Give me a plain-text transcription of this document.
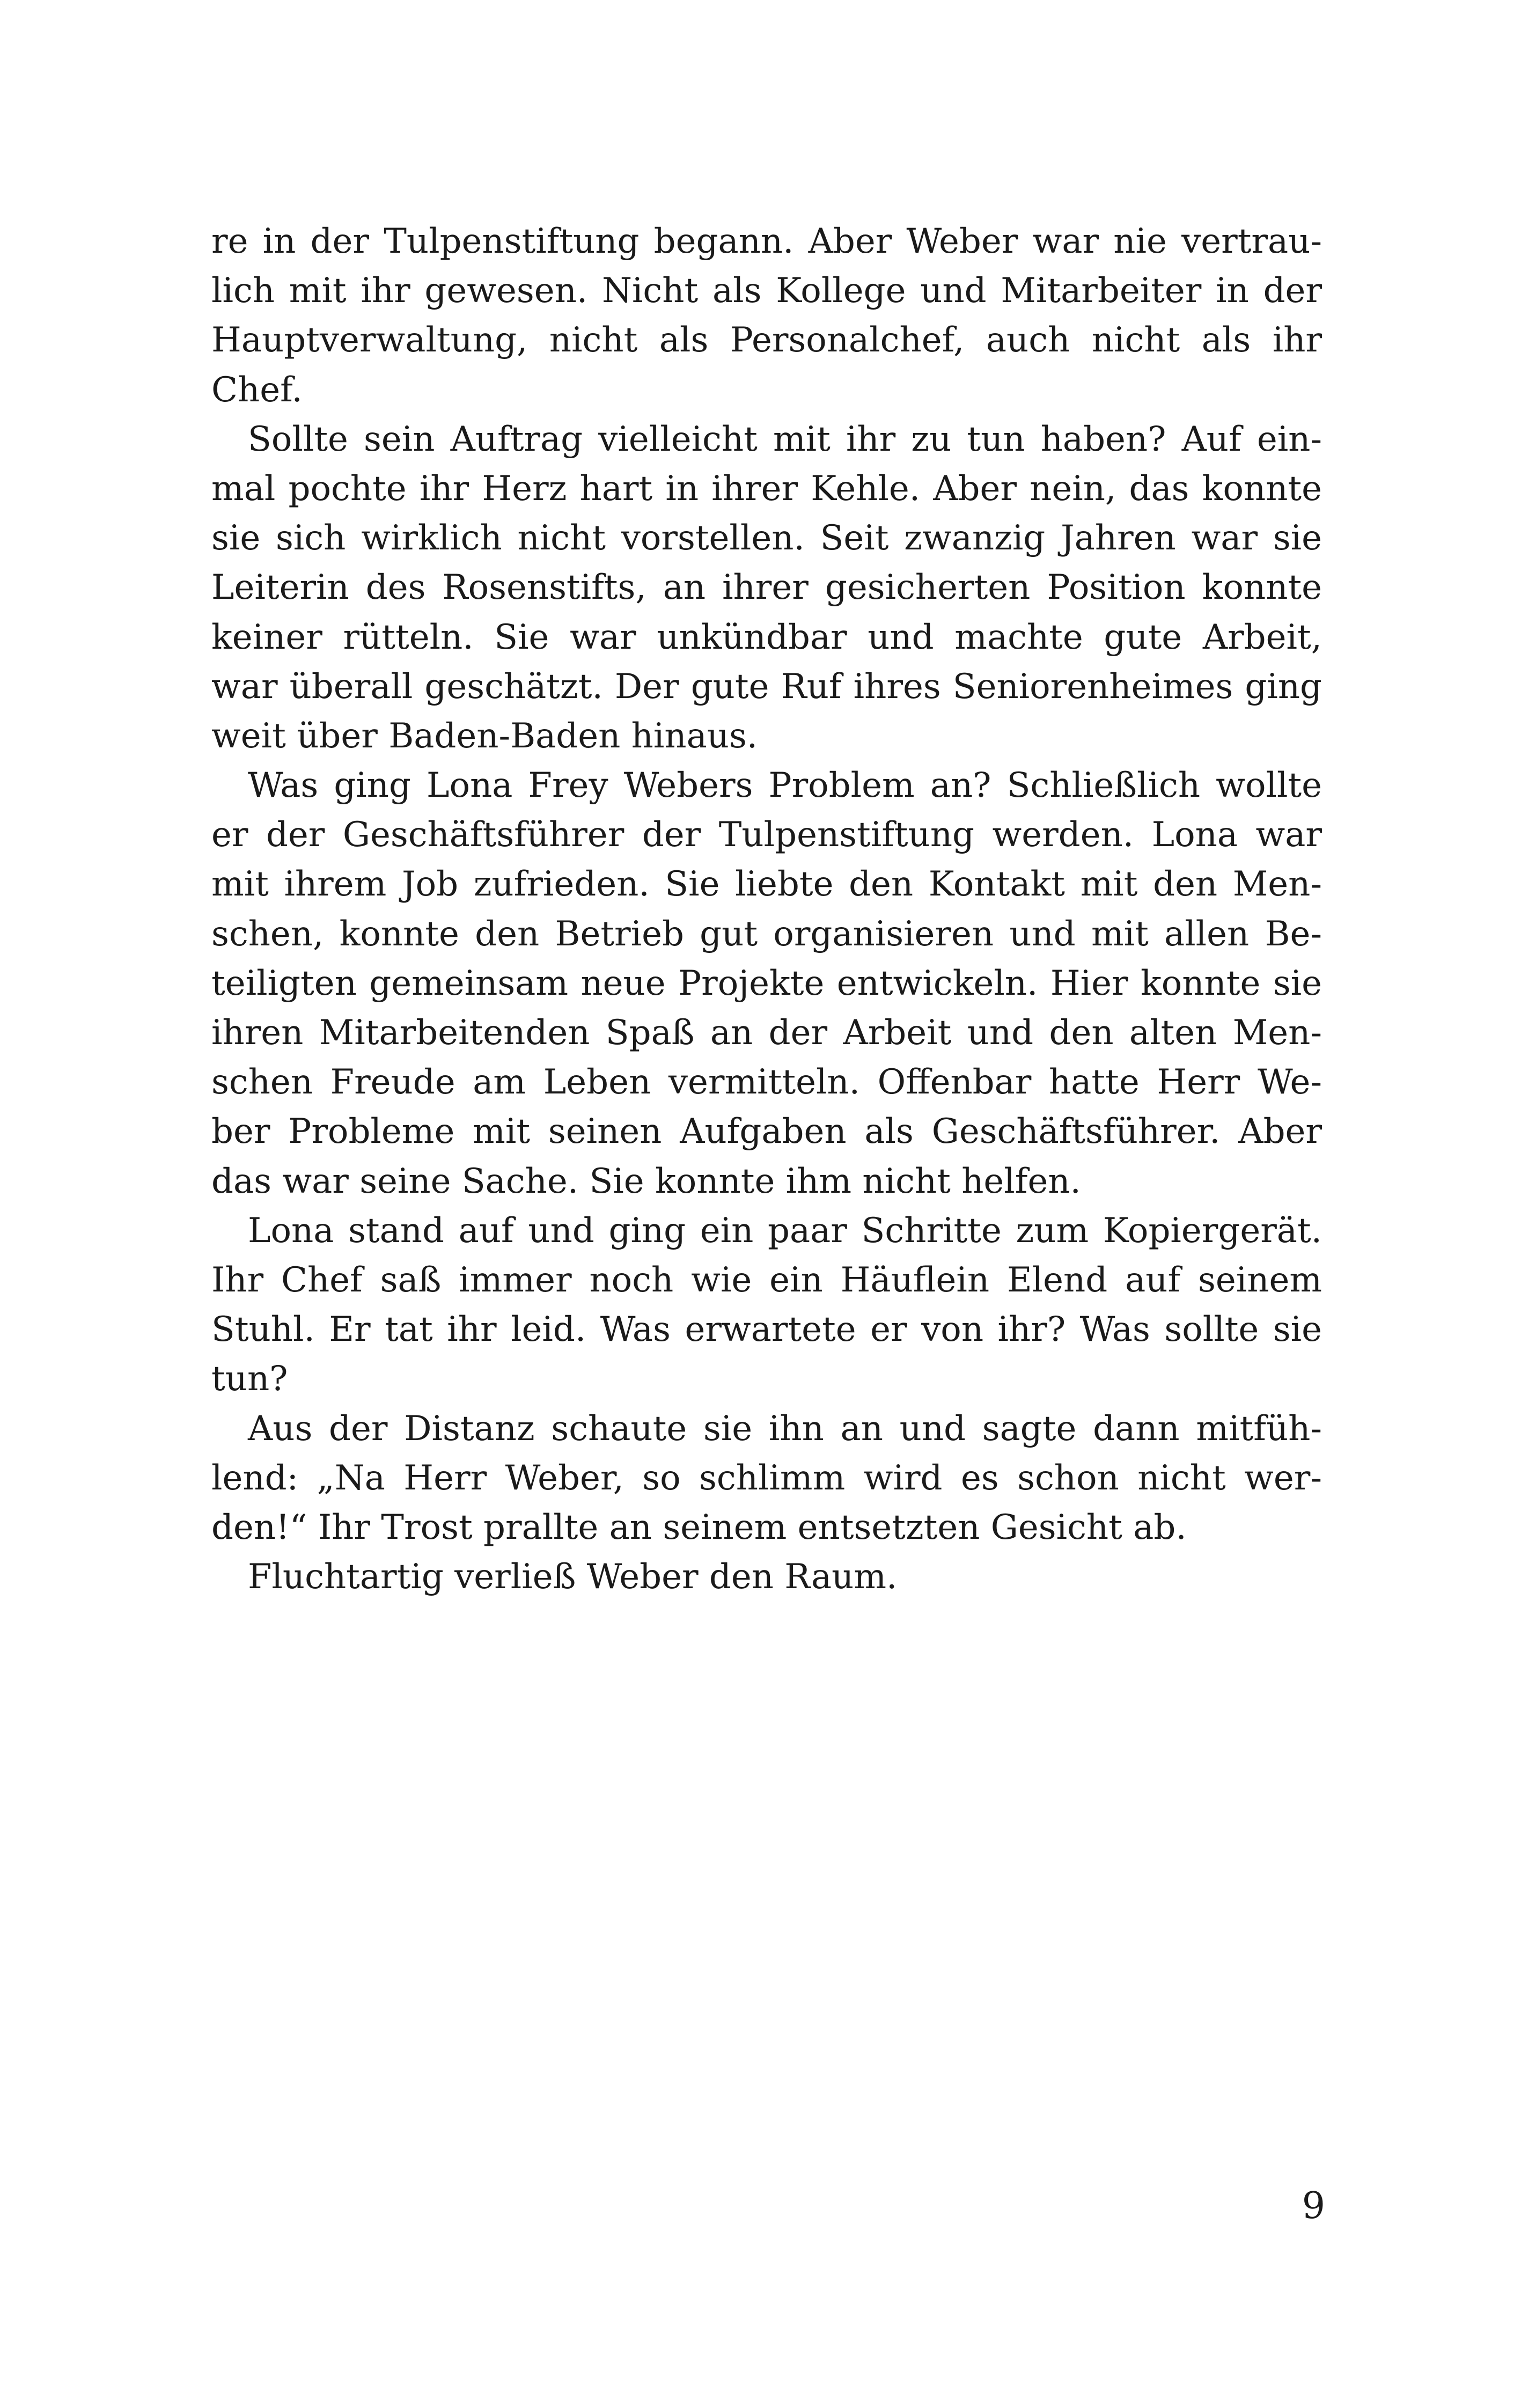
re in der Tulpenstiftung begann. Aber Weber war nie vertrau-
lich mit ihr gewesen. Nicht als Kollege und Mitarbeiter in der
Hauptverwaltung, nicht als Personalchef, auch nicht als ihr
Chef.
Sollte sein Auftrag vielleicht mit ihr zu tun haben? Auf ein-
mal pochte ihr Herz hart in ihrer Kehle. Aber nein, das konnte
sie sich wirklich nicht vorstellen. Seit zwanzig Jahren war sie
Leiterin des Rosenstifts, an ihrer gesicherten Position konnte
keiner rütteln. Sie war unkündbar und machte gute Arbeit,
war überall geschätzt. Der gute Ruf ihres Seniorenheimes ging
weit über Baden-Baden hinaus.
Was ging Lona Frey Webers Problem an? Schließlich wollte
er der Geschäftsführer der Tulpenstiftung werden. Lona war
mit ihrem Job zufrieden. Sie liebte den Kontakt mit den Men-
schen, konnte den Betrieb gut organisieren und mit allen Be-
teiligten gemeinsam neue Projekte entwickeln. Hier konnte sie
ihren Mitarbeitenden Spaß an der Arbeit und den alten Men-
schen Freude am Leben vermitteln. Offenbar hatte Herr We-
ber Probleme mit seinen Aufgaben als Geschäftsführer. Aber
das war seine Sache. Sie konnte ihm nicht helfen.
Lona stand auf und ging ein paar Schritte zum Kopiergerät.
Ihr Chef saß immer noch wie ein Häuflein Elend auf seinem
Stuhl. Er tat ihr leid. Was erwartete er von ihr? Was sollte sie
tun?
Aus der Distanz schaute sie ihn an und sagte dann mitfüh-
lend: „Na Herr Weber, so schlimm wird es schon nicht wer-
den!“ Ihr Trost prallte an seinem entsetzten Gesicht ab.
Fluchtartig verließ Weber den Raum.
9
